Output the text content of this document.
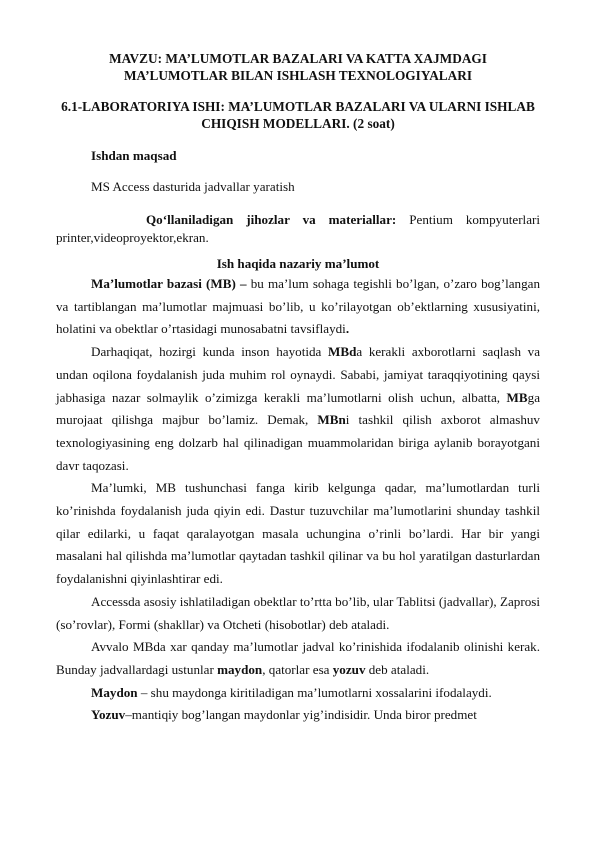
MAVZU: MA’LUMOTLAR BAZALARI VA KATTA XAJMDAGI MA’LUMOTLAR BILAN ISHLASH TEXNOLOGIYALARI

6.1-LABORATORIYA ISHI: MA’LUMOTLAR BAZALARI VA ULARNI ISHLAB CHIQISH MODELLARI. (2 soat)

Ishdan maqsad

MS Access dasturida jadvallar yaratish

Qo‘llaniladigan jihozlar va materiallar: Pentium kompyuterlari printer,videoproyektor,ekran.

Ish haqida nazariy ma’lumot

Ma’lumotlar bazasi (MB) – bu ma’lum sohaga tegishli bo’lgan, o’zaro bog’langan va tartiblangan ma’lumotlar majmuasi bo’lib, u ko’rilayotgan ob’ektlarning xususiyatini, holatini va obektlar o’rtasidagi munosabatni tavsiflaydi.

Darhaqiqat, hozirgi kunda inson hayotida MBda kerakli axborotlarni saqlash va undan oqilona foydalanish juda muhim rol oynaydi. Sababi, jamiyat taraqqiyotining qaysi jabhasiga nazar solmaylik o’zimizga kerakli ma’lumotlarni olish uchun, albatta, MBga murojaat qilishga majbur bo’lamiz. Demak, MBni tashkil qilish axborot almashuv texnologiyasining eng dolzarb hal qilinadigan muammolaridan biriga aylanib borayotgani davr taqozasi.

Ma’lumki, MB tushunchasi fanga kirib kelgunga qadar, ma’lumotlardan turli ko’rinishda foydalanish juda qiyin edi. Dastur tuzuvchilar ma’lumotlarini shunday tashkil qilar edilarki, u faqat qaralayotgan masala uchungina o’rinli bo’lardi. Har bir yangi masalani hal qilishda ma’lumotlar qaytadan tashkil qilinar va bu hol yaratilgan dasturlardan foydalanishni qiyinlashtirar edi.

Accessda asosiy ishlatiladigan obektlar to’rtta bo’lib, ular Tablitsi (jadvallar), Zaprosi (so’rovlar), Formi (shakllar) va Otcheti (hisobotlar) deb ataladi.

Avvalo MBda xar qanday ma’lumotlar jadval ko’rinishida ifodalanib olinishi kerak. Bunday jadvallardagi ustunlar maydon, qatorlar esa yozuv deb ataladi.

Maydon – shu maydonga kiritiladigan ma’lumotlarni xossalarini ifodalaydi.

Yozuv–mantiqiy bog’langan maydonlar yig’indisidir. Unda biror predmet
